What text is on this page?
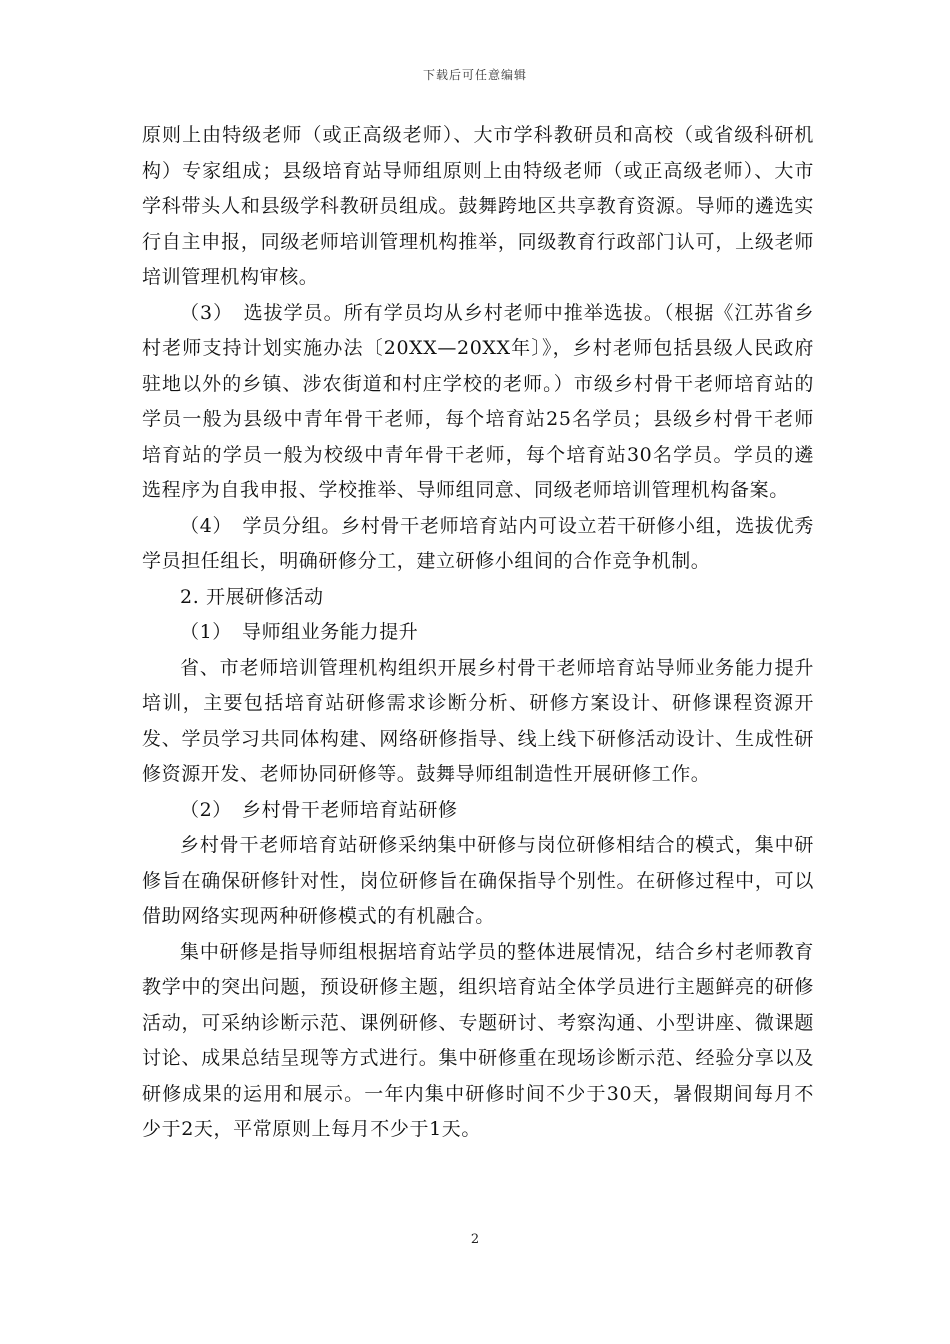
下载后可任意编辑

原则上由特级老师（或正高级老师）、大市学科教研员和高校（或省级科研机构）专家组成；县级培育站导师组原则上由特级老师（或正高级老师）、大市学科带头人和县级学科教研员组成。鼓舞跨地区共享教育资源。导师的遴选实行自主申报，同级老师培训管理机构推举，同级教育行政部门认可，上级老师培训管理机构审核。

（3）　选拔学员。所有学员均从乡村老师中推举选拔。（根据《江苏省乡村老师支持计划实施办法〔20XX—20XX年〕》，乡村老师包括县级人民政府驻地以外的乡镇、涉农街道和村庄学校的老师。）市级乡村骨干老师培育站的学员一般为县级中青年骨干老师，每个培育站25名学员；县级乡村骨干老师培育站的学员一般为校级中青年骨干老师，每个培育站30名学员。学员的遴选程序为自我申报、学校推举、导师组同意、同级老师培训管理机构备案。

（4）　学员分组。乡村骨干老师培育站内可设立若干研修小组，选拔优秀学员担任组长，明确研修分工，建立研修小组间的合作竞争机制。

2. 开展研修活动

（1）　导师组业务能力提升

省、市老师培训管理机构组织开展乡村骨干老师培育站导师业务能力提升培训，主要包括培育站研修需求诊断分析、研修方案设计、研修课程资源开发、学员学习共同体构建、网络研修指导、线上线下研修活动设计、生成性研修资源开发、老师协同研修等。鼓舞导师组制造性开展研修工作。

（2）　乡村骨干老师培育站研修

乡村骨干老师培育站研修采纳集中研修与岗位研修相结合的模式，集中研修旨在确保研修针对性，岗位研修旨在确保指导个别性。在研修过程中，可以借助网络实现两种研修模式的有机融合。

集中研修是指导师组根据培育站学员的整体进展情况，结合乡村老师教育教学中的突出问题，预设研修主题，组织培育站全体学员进行主题鲜亮的研修活动，可采纳诊断示范、课例研修、专题研讨、考察沟通、小型讲座、微课题讨论、成果总结呈现等方式进行。集中研修重在现场诊断示范、经验分享以及研修成果的运用和展示。一年内集中研修时间不少于30天，暑假期间每月不少于2天，平常原则上每月不少于1天。

2
